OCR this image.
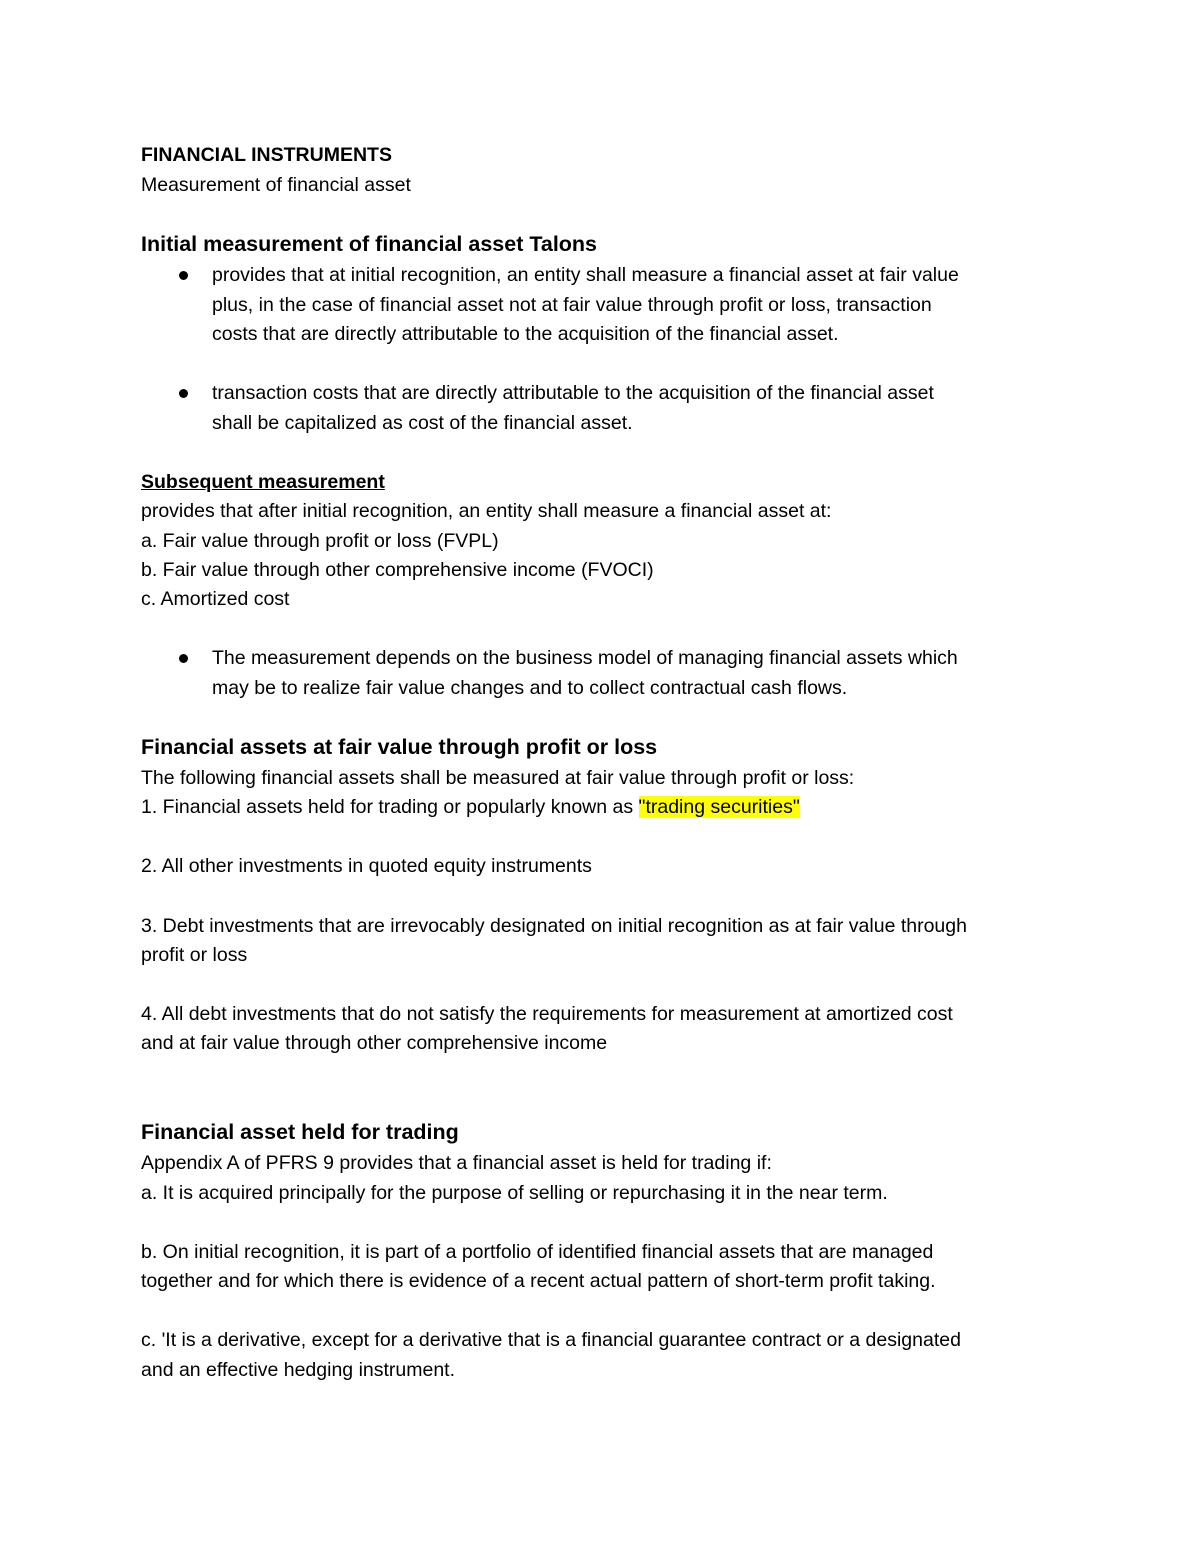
FINANCIAL INSTRUMENTS
Measurement of financial asset
Initial measurement of financial asset Talons
provides that at initial recognition, an entity shall measure a financial asset at fair value
plus, in the case of financial asset not at fair value through profit or loss, transaction
costs that are directly attributable to the acquisition of the financial asset.
transaction costs that are directly attributable to the acquisition of the financial asset
shall be capitalized as cost of the financial asset.
Subsequent measurement
provides that after initial recognition, an entity shall measure a financial asset at:
a. Fair value through profit or loss (FVPL)
b. Fair value through other comprehensive income (FVOCI)
c. Amortized cost
The measurement depends on the business model of managing financial assets which
may be to realize fair value changes and to collect contractual cash flows.
Financial assets at fair value through profit or loss
The following financial assets shall be measured at fair value through profit or loss:
1. Financial assets held for trading or popularly known as "trading securities"
2. All other investments in quoted equity instruments
3. Debt investments that are irrevocably designated on initial recognition as at fair value through
profit or loss
4. All debt investments that do not satisfy the requirements for measurement at amortized cost
and at fair value through other comprehensive income
Financial asset held for trading
Appendix A of PFRS 9 provides that a financial asset is held for trading if:
a. It is acquired principally for the purpose of selling or repurchasing it in the near term.
b. On initial recognition, it is part of a portfolio of identified financial assets that are managed
together and for which there is evidence of a recent actual pattern of short-term profit taking.
c. 'It is a derivative, except for a derivative that is a financial guarantee contract or a designated
and an effective hedging instrument.
